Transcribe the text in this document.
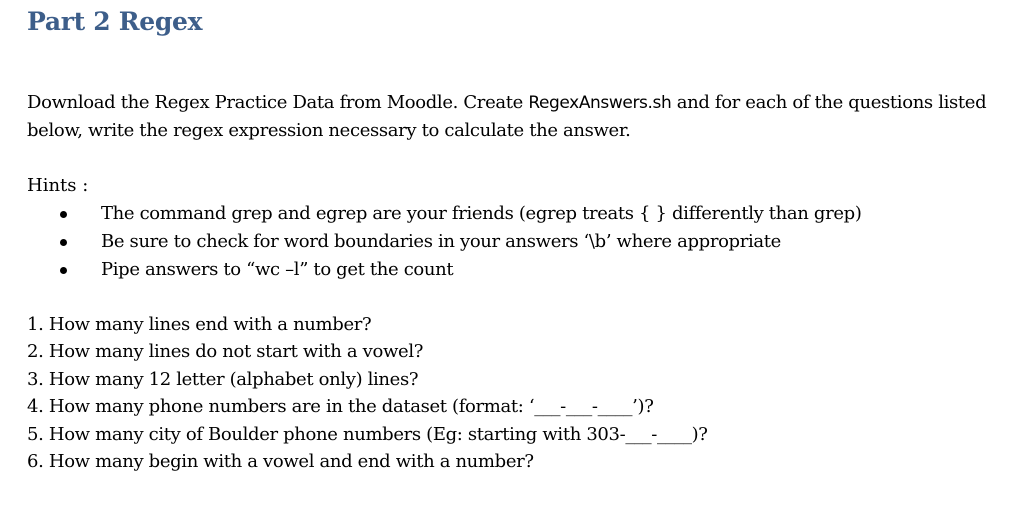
Part 2 Regex

Download the Regex Practice Data from Moodle. Create RegexAnswers.sh and for each of the questions listed below, write the regex expression necessary to calculate the answer.

Hints :

The command grep and egrep are your friends (egrep treats { } differently than grep)
Be sure to check for word boundaries in your answers ‘\b’ where appropriate
Pipe answers to “wc –l” to get the count
1. How many lines end with a number?
2. How many lines do not start with a vowel?
3. How many 12 letter (alphabet only) lines?
4. How many phone numbers are in the dataset (format: ‘___-___-____’)?
5. How many city of Boulder phone numbers (Eg: starting with 303-___-____)?
6. How many begin with a vowel and end with a number?
